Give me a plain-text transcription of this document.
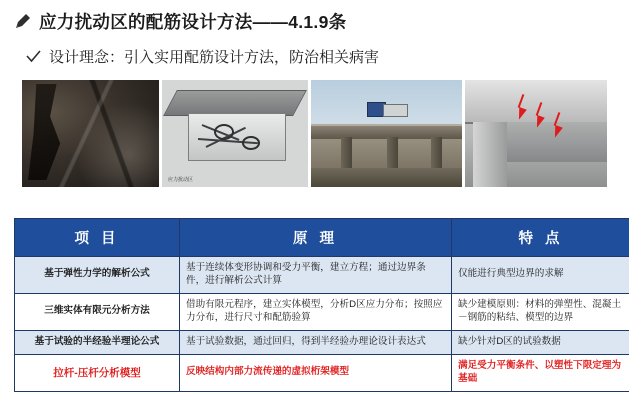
应力扰动区的配筋设计方法——4.1.9条
设计理念：引入实用配筋设计方法，防治相关病害
应力扰动区
项 目	原 理	特 点
基于弹性力学的解析公式	基于连续体变形协调和受力平衡，建立方程；通过边界条件，进行解析公式计算	仅能进行典型边界的求解
三维实体有限元分析方法	借助有限元程序，建立实体模型，分析D区应力分布；按照应力分布，进行尺寸和配筋验算	缺少建模原则：材料的弹塑性、混凝土－钢筋的粘结、模型的边界
基于试验的半经验半理论公式	基于试验数据，通过回归，得到半经验办理论设计表达式	缺少针对D区的试验数据
拉杆-压杆分析模型	反映结构内部力流传递的虚拟桁架模型	满足受力平衡条件、以塑性下限定理为基础
